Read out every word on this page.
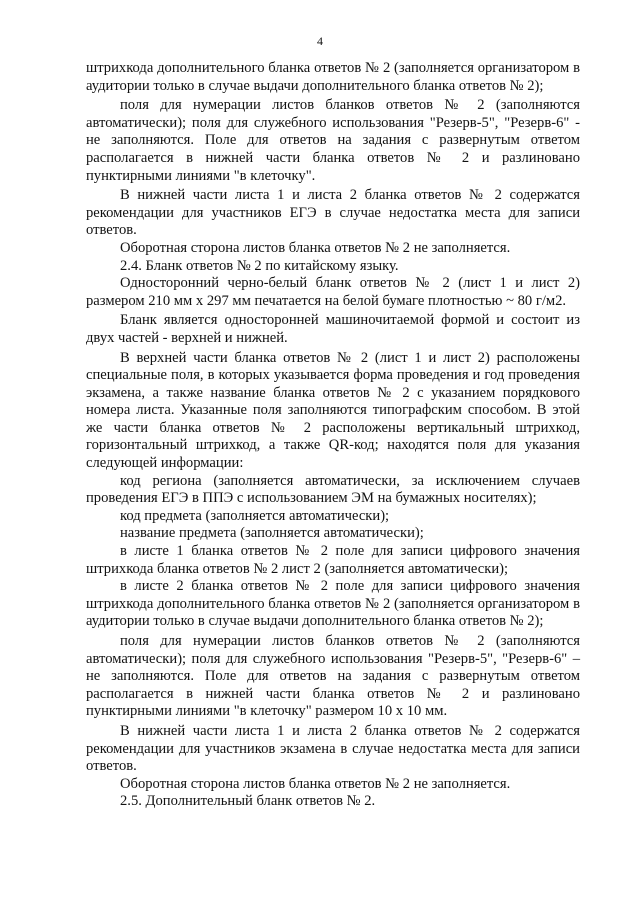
4

штрихкода дополнительного бланка ответов № 2 (заполняется организатором в аудитории только в случае выдачи дополнительного бланка ответов № 2);

поля для нумерации листов бланков ответов № 2 (заполняются автоматически); поля для служебного использования "Резерв-5", "Резерв-6" - не заполняются. Поле для ответов на задания с развернутым ответом располагается в нижней части бланка ответов № 2 и разлиновано пунктирными линиями "в клеточку".

В нижней части листа 1 и листа 2 бланка ответов № 2 содержатся рекомендации для участников ЕГЭ в случае недостатка места для записи ответов.

Оборотная сторона листов бланка ответов № 2 не заполняется.

2.4. Бланк ответов № 2 по китайскому языку.

Односторонний черно-белый бланк ответов № 2 (лист 1 и лист 2) размером 210 мм х 297 мм печатается на белой бумаге плотностью ~ 80 г/м2.

Бланк является односторонней машиночитаемой формой и состоит из двух частей - верхней и нижней.

В верхней части бланка ответов № 2 (лист 1 и лист 2) расположены специальные поля, в которых указывается форма проведения и год проведения экзамена, а также название бланка ответов № 2 с указанием порядкового номера листа. Указанные поля заполняются типографским способом. В этой же части бланка ответов № 2 расположены вертикальный штрихкод, горизонтальный штрихкод, а также QR-код; находятся поля для указания следующей информации:

код региона (заполняется автоматически, за исключением случаев проведения ЕГЭ в ППЭ с использованием ЭМ на бумажных носителях);

код предмета (заполняется автоматически);

название предмета (заполняется автоматически);

в листе 1 бланка ответов № 2 поле для записи цифрового значения штрихкода бланка ответов № 2 лист 2 (заполняется автоматически);

в листе 2 бланка ответов № 2 поле для записи цифрового значения штрихкода дополнительного бланка ответов № 2 (заполняется организатором в аудитории только в случае выдачи дополнительного бланка ответов № 2);

поля для нумерации листов бланков ответов № 2 (заполняются автоматически); поля для служебного использования "Резерв-5", "Резерв-6" – не заполняются. Поле для ответов на задания с развернутым ответом располагается в нижней части бланка ответов № 2 и разлиновано пунктирными линиями "в клеточку" размером 10 х 10 мм.

В нижней части листа 1 и листа 2 бланка ответов № 2 содержатся рекомендации для участников экзамена в случае недостатка места для записи ответов.

Оборотная сторона листов бланка ответов № 2 не заполняется.

2.5. Дополнительный бланк ответов № 2.
